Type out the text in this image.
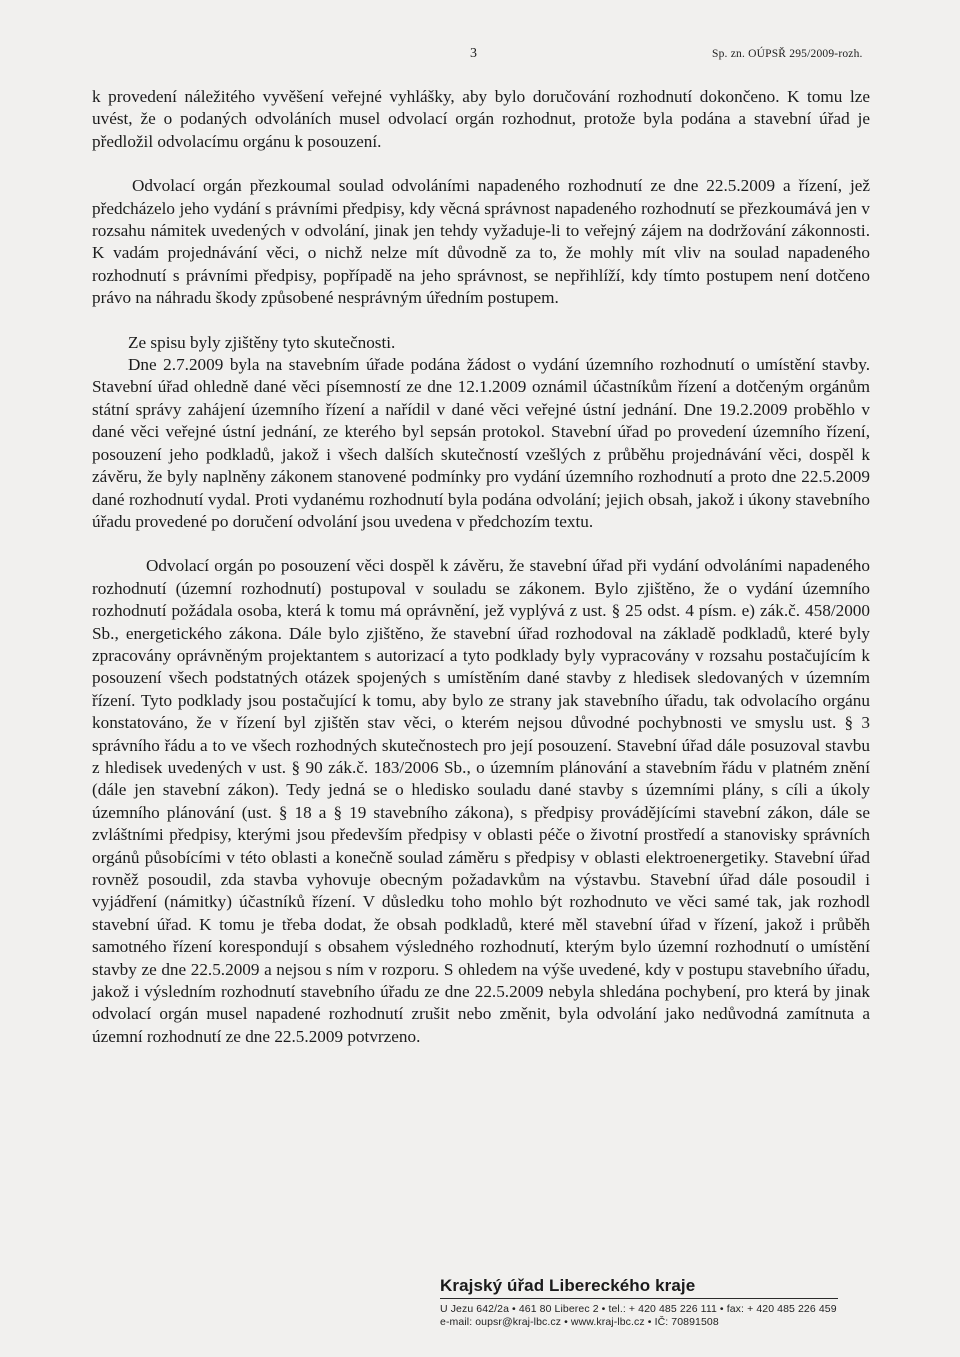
3	Sp. zn. OÚPSŘ 295/2009-rozh.

k provedení náležitého vyvěšení veřejné vyhlášky, aby bylo doručování rozhodnutí dokončeno. K tomu lze uvést, že o podaných odvoláních musel odvolací orgán rozhodnut, protože byla podána a stavební úřad je předložil odvolacímu orgánu k posouzení.

Odvolací orgán přezkoumal soulad odvoláními napadeného rozhodnutí ze dne 22.5.2009 a řízení, jež předcházelo jeho vydání s právními předpisy, kdy věcná správnost napadeného rozhodnutí se přezkoumává jen v rozsahu námitek uvedených v odvolání, jinak jen tehdy vyžaduje-li to veřejný zájem na dodržování zákonnosti. K vadám projednávání věci, o nichž nelze mít důvodně za to, že mohly mít vliv na soulad napadeného rozhodnutí s právními předpisy, popřípadě na jeho správnost, se nepřihlíží, kdy tímto postupem není dotčeno právo na náhradu škody způsobené nesprávným úředním postupem.

Ze spisu byly zjištěny tyto skutečnosti.

Dne 2.7.2009 byla na stavebním úřade podána žádost o vydání územního rozhodnutí o umístění stavby. Stavební úřad ohledně dané věci písemností ze dne 12.1.2009 oznámil účastníkům řízení a dotčeným orgánům státní správy zahájení územního řízení a nařídil v dané věci veřejné ústní jednání. Dne 19.2.2009 proběhlo v dané věci veřejné ústní jednání, ze kterého byl sepsán protokol. Stavební úřad po provedení územního řízení, posouzení jeho podkladů, jakož i všech dalších skutečností vzešlých z průběhu projednávání věci, dospěl k závěru, že byly naplněny zákonem stanovené podmínky pro vydání územního rozhodnutí a proto dne 22.5.2009 dané rozhodnutí vydal. Proti vydanému rozhodnutí byla podána odvolání; jejich obsah, jakož i úkony stavebního úřadu provedené po doručení odvolání jsou uvedena v předchozím textu.

Odvolací orgán po posouzení věci dospěl k závěru, že stavební úřad při vydání odvoláními napadeného rozhodnutí (územní rozhodnutí) postupoval v souladu se zákonem. Bylo zjištěno, že o vydání územního rozhodnutí požádala osoba, která k tomu má oprávnění, jež vyplývá z ust. § 25 odst. 4 písm. e) zák.č. 458/2000 Sb., energetického zákona. Dále bylo zjištěno, že stavební úřad rozhodoval na základě podkladů, které byly zpracovány oprávněným projektantem s autorizací a tyto podklady byly vypracovány v rozsahu postačujícím k posouzení všech podstatných otázek spojených s umístěním dané stavby z hledisek sledovaných v územním řízení. Tyto podklady jsou postačující k tomu, aby bylo ze strany jak stavebního úřadu, tak odvolacího orgánu konstatováno, že v řízení byl zjištěn stav věci, o kterém nejsou důvodné pochybnosti ve smyslu ust. § 3 správního řádu a to ve všech rozhodných skutečnostech pro její posouzení. Stavební úřad dále posuzoval stavbu z hledisek uvedených v ust. § 90 zák.č. 183/2006 Sb., o územním plánování a stavebním řádu v platném znění (dále jen stavební zákon). Tedy jedná se o hledisko souladu dané stavby s územními plány, s cíli a úkoly územního plánování (ust. § 18 a § 19 stavebního zákona), s předpisy provádějícími stavební zákon, dále se zvláštními předpisy, kterými jsou především předpisy v oblasti péče o životní prostředí a stanovisky správních orgánů působícími v této oblasti a konečně soulad záměru s předpisy v oblasti elektroenergetiky. Stavební úřad rovněž posoudil, zda stavba vyhovuje obecným požadavkům na výstavbu. Stavební úřad dále posoudil i vyjádření (námitky) účastníků řízení. V důsledku toho mohlo být rozhodnuto ve věci samé tak, jak rozhodl stavební úřad. K tomu je třeba dodat, že obsah podkladů, které měl stavební úřad v řízení, jakož i průběh samotného řízení korespondují s obsahem výsledného rozhodnutí, kterým bylo územní rozhodnutí o umístění stavby ze dne 22.5.2009 a nejsou s ním v rozporu. S ohledem na výše uvedené, kdy v postupu stavebního úřadu, jakož i výsledním rozhodnutí stavebního úřadu ze dne 22.5.2009 nebyla shledána pochybení, pro která by jinak odvolací orgán musel napadené rozhodnutí zrušit nebo změnit, byla odvolání jako nedůvodná zamítnuta a územní rozhodnutí ze dne 22.5.2009 potvrzeno.

Krajský úřad Libereckého kraje
U Jezu 642/2a • 461 80 Liberec 2 • tel.: + 420 485 226 111 • fax: + 420 485 226 459
e-mail: oupsr@kraj-lbc.cz • www.kraj-lbc.cz • IČ: 70891508
